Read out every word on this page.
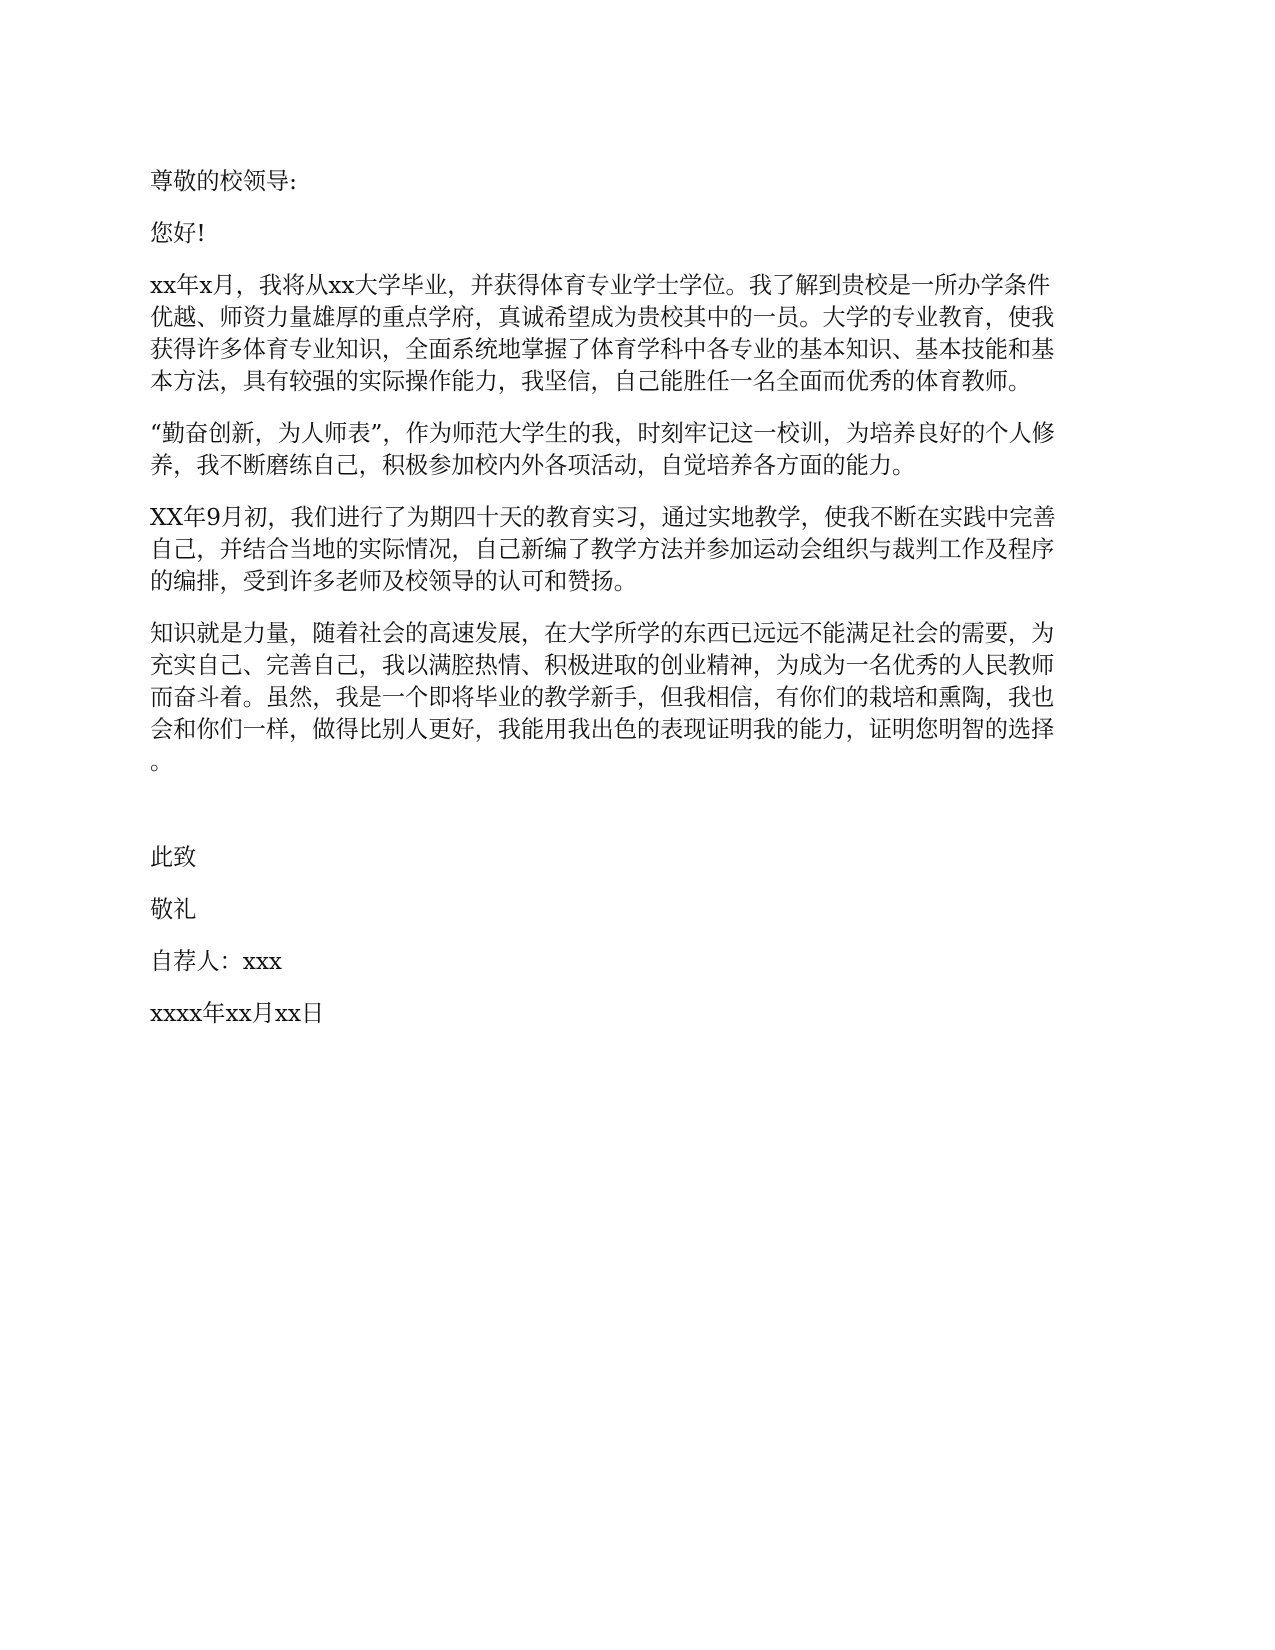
尊敬的校领导:

您好!

xx年x月，我将从xx大学毕业，并获得体育专业学士学位。我了解到贵校是一所办学条件
优越、师资力量雄厚的重点学府，真诚希望成为贵校其中的一员。大学的专业教育，使我
获得许多体育专业知识，全面系统地掌握了体育学科中各专业的基本知识、基本技能和基
本方法，具有较强的实际操作能力，我坚信，自己能胜任一名全面而优秀的体育教师。
“勤奋创新，为人师表”，作为师范大学生的我，时刻牢记这一校训，为培养良好的个人修
养，我不断磨练自己，积极参加校内外各项活动，自觉培养各方面的能力。
XX年9月初，我们进行了为期四十天的教育实习，通过实地教学，使我不断在实践中完善
自己，并结合当地的实际情况，自己新编了教学方法并参加运动会组织与裁判工作及程序
的编排，受到许多老师及校领导的认可和赞扬。
知识就是力量，随着社会的高速发展，在大学所学的东西已远远不能满足社会的需要，为
充实自己、完善自己，我以满腔热情、积极进取的创业精神，为成为一名优秀的人民教师
而奋斗着。虽然，我是一个即将毕业的教学新手，但我相信，有你们的栽培和熏陶，我也
会和你们一样，做得比别人更好，我能用我出色的表现证明我的能力，证明您明智的选择
。

此致

敬礼

自荐人：xxx

xxxx年xx月xx日
